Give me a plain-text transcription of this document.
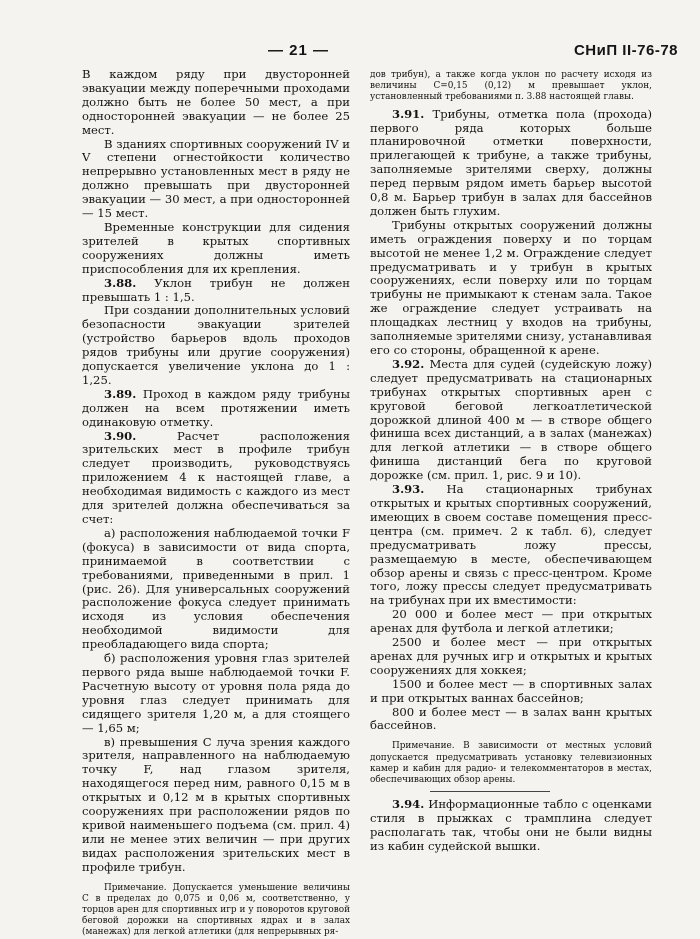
— 21 —	СНиП II-76-78

В каждом ряду при двусторонней эвакуации между поперечными проходами должно быть не более 50 мест, а при односторонней эвакуации — не более 25 мест.

В зданиях спортивных сооружений IV и V степени огнестойкости количество непрерывно установленных мест в ряду не должно превышать при двусторонней эвакуации — 30 мест, а при односторонней — 15 мест.

Временные конструкции для сидения зрителей в крытых спортивных сооружениях должны иметь приспособления для их крепления.

3.88. Уклон трибун не должен превышать 1 : 1,5.

При создании дополнительных условий безопасности эвакуации зрителей (устройство барьеров вдоль проходов рядов трибуны или другие сооружения) допускается увеличение уклона до 1 : 1,25.

3.89. Проход в каждом ряду трибуны должен на всем протяжении иметь одинаковую отметку.

3.90.	Расчет расположения зрительских мест в профиле трибун следует производить, руководствуясь приложением 4 к настоящей главе, а необходимая видимость с каждого из мест для зрителей должна обеспечиваться за счет:

а) расположения наблюдаемой точки F (фокуса) в зависимости от вида спорта, принимаемой в соответствии с требованиями, приведенными в прил. 1 (рис. 26). Для универсальных сооружений расположение фокуса следует принимать исходя из условия обеспечения необходимой видимости для преобладающего вида спорта;

б) расположения уровня глаз зрителей первого ряда выше наблюдаемой точки F. Расчетную высоту от уровня пола ряда до уровня глаз следует принимать для сидящего зрителя 1,20 м, а для стоящего — 1,65 м;

в) превышения C луча зрения каждого зрителя, направленного на наблюдаемую точку F, над глазом зрителя, находящегося перед ним, равного 0,15 м в открытых и 0,12 м в крытых спортивных сооружениях при расположении рядов по кривой наименьшего подъема (см. прил. 4) или не менее этих величин — при других видах расположения зрительских мест в профиле трибун.

Примечание. Допускается уменьшение величины C в пределах до 0,075 и 0,06 м, соответственно, у торцов арен для спортивных игр и у поворотов круговой беговой дорожки на спортивных ядрах и в залах (манежах) для легкой атлетики (для непрерывных ря-

дов трибун), а также когда уклон по расчету исходя из величины C=0,15 (0,12) м превышает уклон, установленный требованиями п. 3.88 настоящей главы.

3.91. Трибуны, отметка пола (прохода) первого ряда которых больше планировочной отметки поверхности, прилегающей к трибуне, а также трибуны, заполняемые зрителями сверху, должны перед первым рядом иметь барьер высотой 0,8 м. Барьер трибун в залах для бассейнов должен быть глухим.

Трибуны открытых сооружений должны иметь ограждения поверху и по торцам высотой не менее 1,2 м. Ограждение следует предусматривать и у трибун в крытых сооружениях, если поверху или по торцам трибуны не примыкают к стенам зала. Такое же ограждение следует устраивать на площадках лестниц у входов на трибуны, заполняемые зрителями снизу, устанавливая его со стороны, обращенной к арене.

3.92. Места для судей (судейскую ложу) следует предусматривать на стационарных трибунах открытых спортивных арен с круговой беговой легкоатлетической дорожкой длиной 400 м — в створе общего финиша всех дистанций, а в залах (манежах) для легкой атлетики — в створе общего финиша дистанций бега по круговой дорожке (см. прил. 1, рис. 9 и 10).

3.93. На стационарных трибунах открытых и крытых спортивных сооружений, имеющих в своем составе помещения пресс-центра (см. примеч. 2 к табл. 6), следует предусматривать ложу прессы, размещаемую в месте, обеспечивающем обзор арены и связь с пресс-центром. Кроме того, ложу прессы следует предусматривать на трибунах при их вместимости:

20 000 и более мест — при открытых аренах для футбола и легкой атлетики;

2500 и более мест — при открытых аренах для ручных игр и открытых и крытых сооружениях для хоккея;

1500 и более мест — в спортивных залах и при открытых ваннах бассейнов;

800 и более мест — в залах ванн крытых бассейнов.

Примечание. В зависимости от местных условий допускается предусматривать установку телевизионных камер и кабин для радио- и телекомментаторов в местах, обеспечивающих обзор арены.

3.94. Информационные табло с оценками стиля в прыжках с трамплина следует располагать так, чтобы они не были видны из кабин судейской вышки.
